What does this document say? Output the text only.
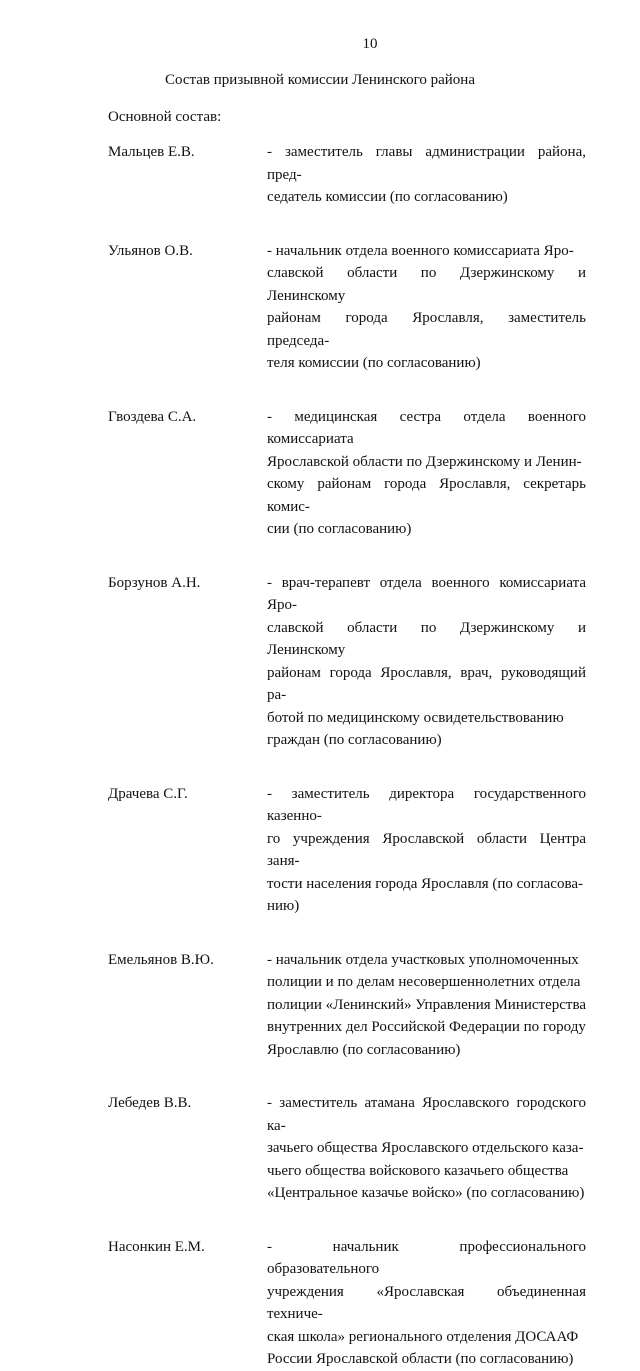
10
Состав призывной комиссии Ленинского района
Основной состав:
Мальцев Е.В.	- заместитель главы администрации района, пред-
седатель комиссии (по согласованию)
Ульянов О.В.	- начальник отдела военного комиссариата Яро-
славской области по Дзержинскому и Ленинскому
районам города Ярославля, заместитель председа-
теля комиссии (по согласованию)
Гвоздева С.А.	- медицинская сестра отдела военного комиссариата
Ярославской области по Дзержинскому и Ленин-
скому районам города Ярославля, секретарь комис-
сии (по согласованию)
Борзунов А.Н.	- врач-терапевт отдела военного комиссариата Яро-
славской области по Дзержинскому и Ленинскому
районам города Ярославля, врач, руководящий ра-
ботой по медицинскому освидетельствованию
граждан (по согласованию)
Драчева С.Г.	- заместитель директора государственного казенно-
го учреждения Ярославской области Центра заня-
тости населения города Ярославля (по согласова-
нию)
Емельянов В.Ю.	- начальник отдела участковых уполномоченных
полиции и по делам несовершеннолетних отдела
полиции «Ленинский» Управления Министерства
внутренних дел Российской Федерации по городу
Ярославлю (по согласованию)
Лебедев В.В.	- заместитель атамана Ярославского городского ка-
зачьего общества Ярославского отдельского каза-
чьего общества войскового казачьего общества
«Центральное казачье войско» (по согласованию)
Насонкин Е.М.	- начальник профессионального образовательного
учреждения «Ярославская объединенная техниче-
ская школа» регионального отделения ДОСААФ
России Ярославской области (по согласованию)
